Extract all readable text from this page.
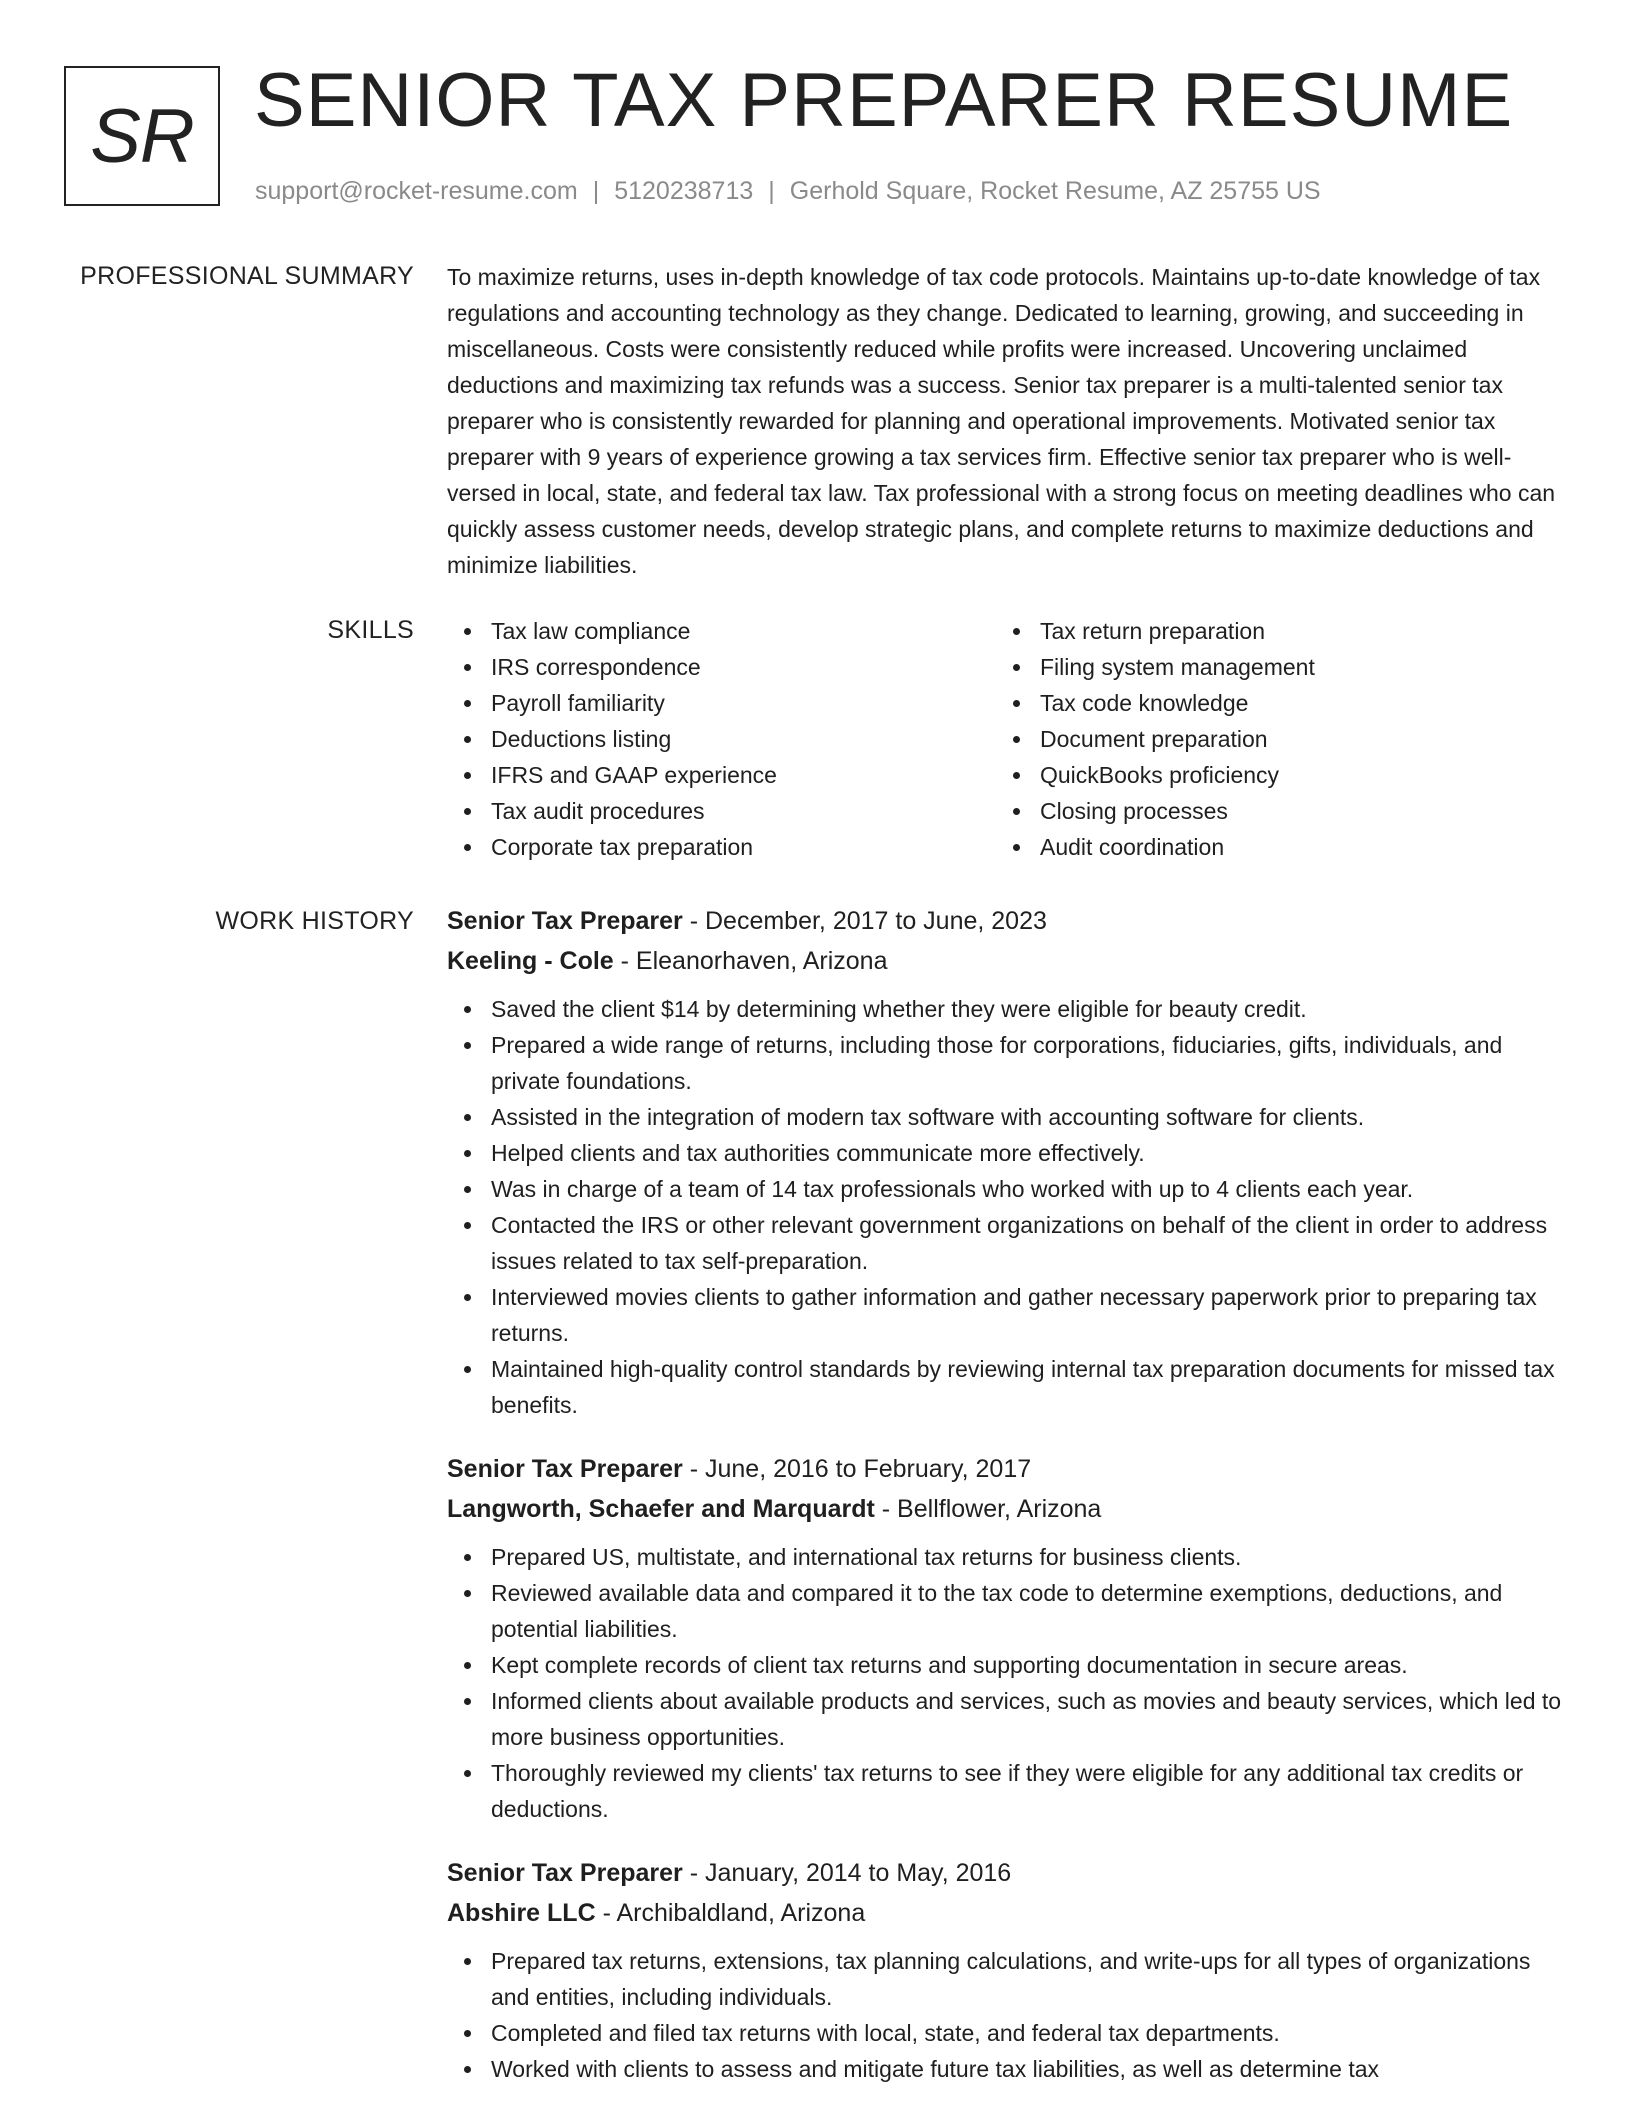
SR SENIOR TAX PREPARER RESUME
support@rocket-resume.com | 5120238713 | Gerhold Square, Rocket Resume, AZ 25755 US
PROFESSIONAL SUMMARY To maximize returns, uses in-depth knowledge of tax code protocols. Maintains up-to-date knowledge of tax regulations and accounting technology as they change. Dedicated to learning, growing, and succeeding in miscellaneous. Costs were consistently reduced while profits were increased. Uncovering unclaimed deductions and maximizing tax refunds was a success. Senior tax preparer is a multi-talented senior tax preparer who is consistently rewarded for planning and operational improvements. Motivated senior tax preparer with 9 years of experience growing a tax services firm. Effective senior tax preparer who is well-versed in local, state, and federal tax law. Tax professional with a strong focus on meeting deadlines who can quickly assess customer needs, develop strategic plans, and complete returns to maximize deductions and minimize liabilities.

SKILLS	Tax law compliance
IRS correspondence
Payroll familiarity
Deductions listing
IFRS and GAAP experience
Tax audit procedures
Corporate tax preparation
Tax return preparation
Filing system management
Tax code knowledge
Document preparation
QuickBooks proficiency
Closing processes
Audit coordination
WORK HISTORY Senior Tax Preparer - December, 2017 to June, 2023
Keeling - Cole - Eleanorhaven, Arizona
Saved the client $14 by determining whether they were eligible for beauty credit.
Prepared a wide range of returns, including those for corporations, fiduciaries, gifts, individuals, and private foundations.
Assisted in the integration of modern tax software with accounting software for clients.
Helped clients and tax authorities communicate more effectively.
Was in charge of a team of 14 tax professionals who worked with up to 4 clients each year.
Contacted the IRS or other relevant government organizations on behalf of the client in order to address issues related to tax self-preparation.
Interviewed movies clients to gather information and gather necessary paperwork prior to preparing tax returns.
Maintained high-quality control standards by reviewing internal tax preparation documents for missed tax benefits.
Senior Tax Preparer - June, 2016 to February, 2017
Langworth, Schaefer and Marquardt - Bellflower, Arizona
Prepared US, multistate, and international tax returns for business clients.
Reviewed available data and compared it to the tax code to determine exemptions, deductions, and potential liabilities.
Kept complete records of client tax returns and supporting documentation in secure areas.
Informed clients about available products and services, such as movies and beauty services, which led to more business opportunities.
Thoroughly reviewed my clients' tax returns to see if they were eligible for any additional tax credits or deductions.
Senior Tax Preparer - January, 2014 to May, 2016
Abshire LLC - Archibaldland, Arizona
Prepared tax returns, extensions, tax planning calculations, and write-ups for all types of organizations and entities, including individuals.
Completed and filed tax returns with local, state, and federal tax departments.
Worked with clients to assess and mitigate future tax liabilities, as well as determine tax
